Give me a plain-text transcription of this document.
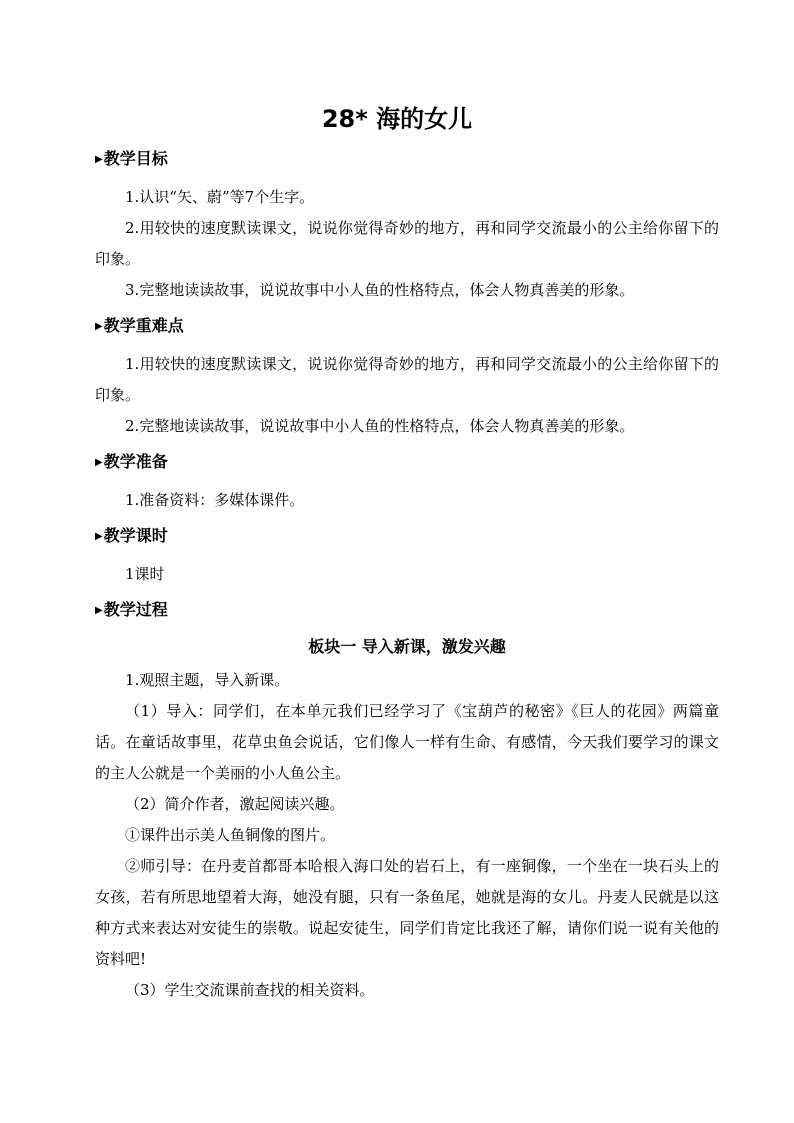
28* 海的女儿
▶教学目标

1.认识“矢、蔚”等7个生字。

2.用较快的速度默读课文，说说你觉得奇妙的地方，再和同学交流最小的公主给你留下的印象。

3.完整地读读故事，说说故事中小人鱼的性格特点，体会人物真善美的形象。

▶教学重难点

1.用较快的速度默读课文，说说你觉得奇妙的地方，再和同学交流最小的公主给你留下的印象。

2.完整地读读故事，说说故事中小人鱼的性格特点，体会人物真善美的形象。

▶教学准备

1.准备资料：多媒体课件。

▶教学课时

1课时

▶教学过程
板块一 导入新课，激发兴趣

1.观照主题，导入新课。

（1）导入：同学们，在本单元我们已经学习了《宝葫芦的秘密》《巨人的花园》两篇童话。在童话故事里，花草虫鱼会说话，它们像人一样有生命、有感情，今天我们要学习的课文的主人公就是一个美丽的小人鱼公主。

（2）简介作者，激起阅读兴趣。

①课件出示美人鱼铜像的图片。

②师引导：在丹麦首都哥本哈根入海口处的岩石上，有一座铜像，一个坐在一块石头上的女孩，若有所思地望着大海，她没有腿，只有一条鱼尾，她就是海的女儿。丹麦人民就是以这种方式来表达对安徒生的崇敬。说起安徒生，同学们肯定比我还了解，请你们说一说有关他的资料吧!

（3）学生交流课前查找的相关资料。
